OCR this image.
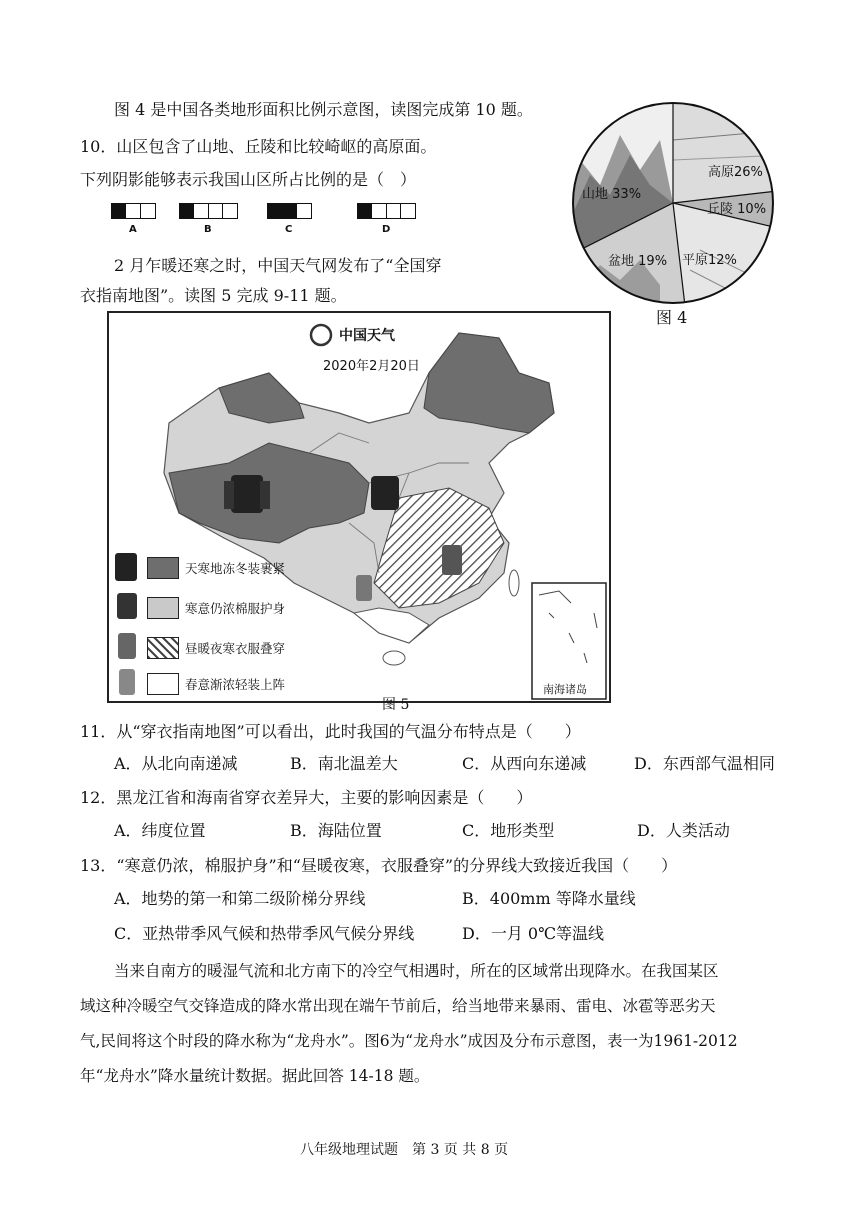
图 4 是中国各类地形面积比例示意图，读图完成第 10 题。
10．山区包含了山地、丘陵和比较崎岖的高原面。
下列阴影能够表示我国山区所占比例的是（　）
A	B	C	D
2 月乍暖还寒之时，中国天气网发布了“全国穿
衣指南地图”。读图 5 完成 9-11 题。
山地 33%
高原26%
丘陵 10%
平原12%
盆地 19%
图 4
中国天气
2020年2月20日
南海诸岛
天寒地冻冬装裹紧
寒意仍浓棉服护身
昼暖夜寒衣服叠穿
春意渐浓轻装上阵
图 5
11．从“穿衣指南地图”可以看出，此时我国的气温分布特点是（　　）
A．从北向南递减	B．南北温差大	C．从西向东递减	D．东西部气温相同
12．黑龙江省和海南省穿衣差异大，主要的影响因素是（　　）
A．纬度位置	B．海陆位置	C．地形类型	D．人类活动
13．“寒意仍浓，棉服护身”和“昼暖夜寒，衣服叠穿”的分界线大致接近我国（　　）
A．地势的第一和第二级阶梯分界线	B．400mm 等降水量线
C．亚热带季风气候和热带季风气候分界线	D．一月 0℃等温线
当来自南方的暖湿气流和北方南下的冷空气相遇时，所在的区域常出现降水。在我国某区
域这种冷暖空气交锋造成的降水常出现在端午节前后，给当地带来暴雨、雷电、冰雹等恶劣天
气,民间将这个时段的降水称为“龙舟水”。图6为“龙舟水”成因及分布示意图，表一为1961-2012
年“龙舟水”降水量统计数据。据此回答 14-18 题。
八年级地理试题　第 3 页 共 8 页
